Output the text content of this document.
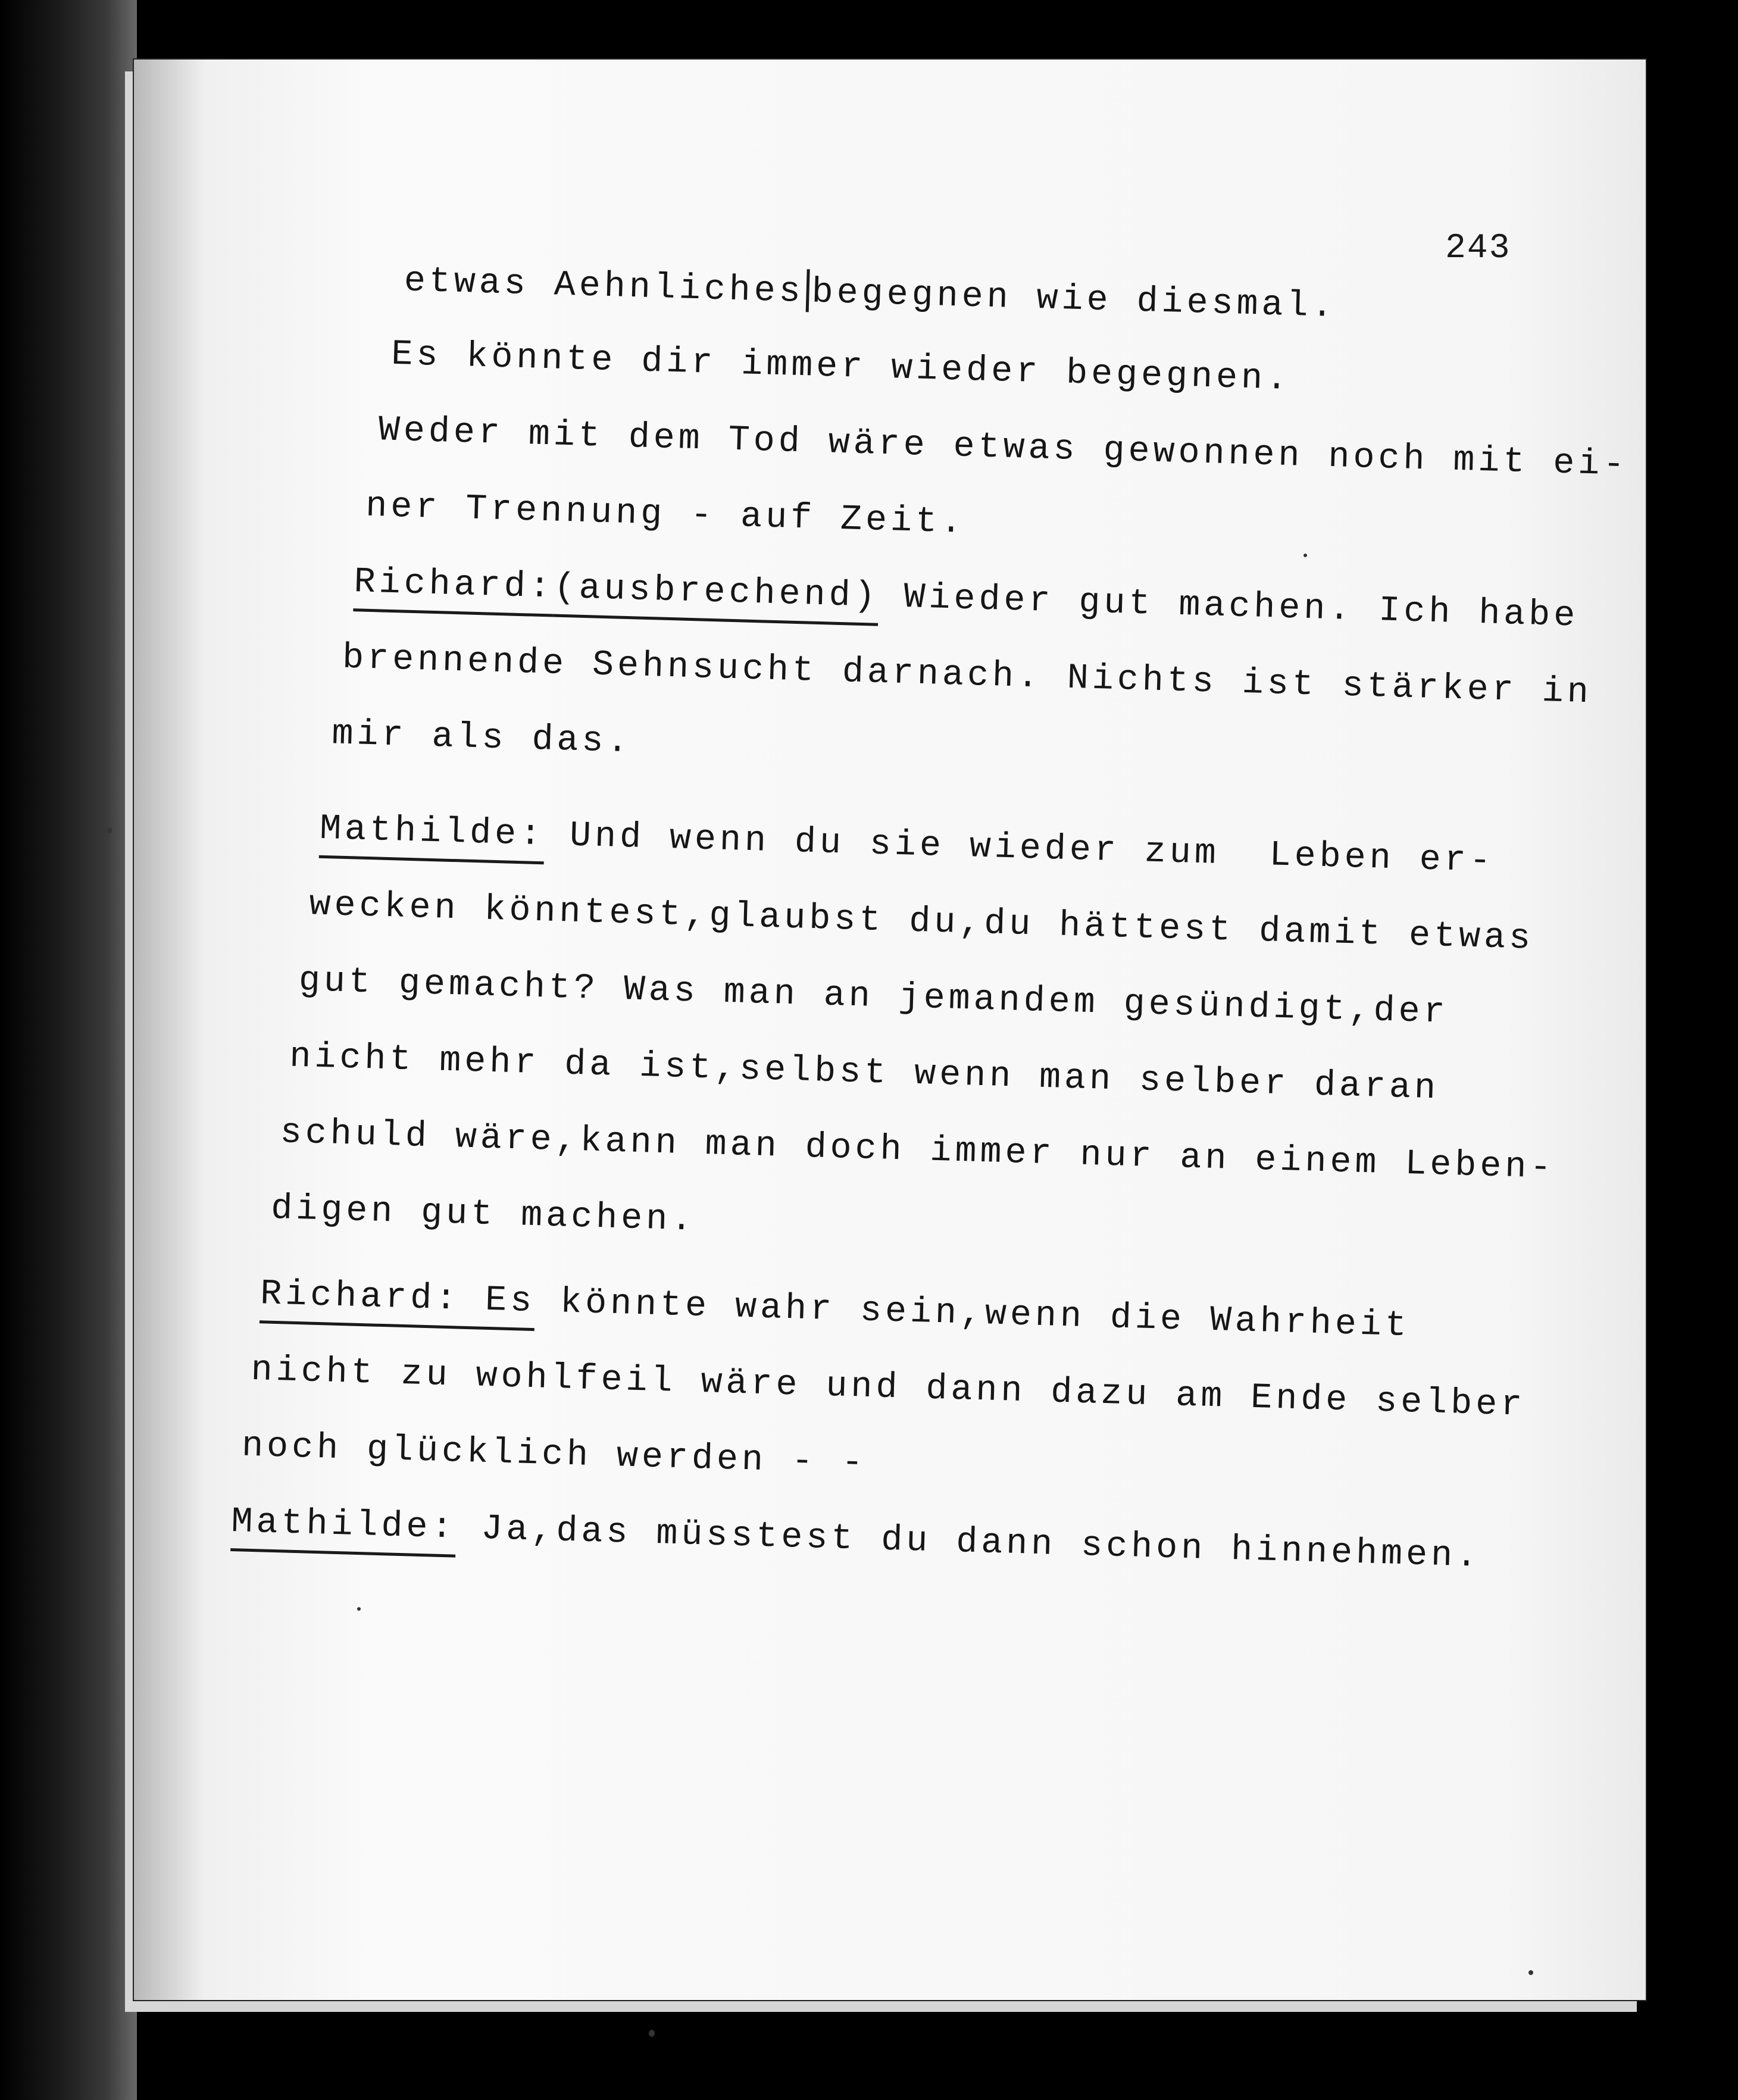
243
etwas Aehnliches begegnen wie diesmal.
Es könnte dir immer wieder begegnen.
Weder mit dem Tod wäre etwas gewonnen noch mit ei-
ner Trennung - auf Zeit.
Richard:(ausbrechend) Wieder gut machen. Ich habe
brennende Sehnsucht darnach. Nichts ist stärker in
mir als das.
Mathilde: Und wenn du sie wieder zum  Leben er-
wecken könntest,glaubst du,du hättest damit etwas
gut gemacht? Was man an jemandem gesündigt,der
nicht mehr da ist,selbst wenn man selber daran
schuld wäre,kann man doch immer nur an einem Leben-
digen gut machen.
Richard: Es könnte wahr sein,wenn die Wahrheit
nicht zu wohlfeil wäre und dann dazu am Ende selber
noch glücklich werden - -
Mathilde: Ja,das müsstest du dann schon hinnehmen.
